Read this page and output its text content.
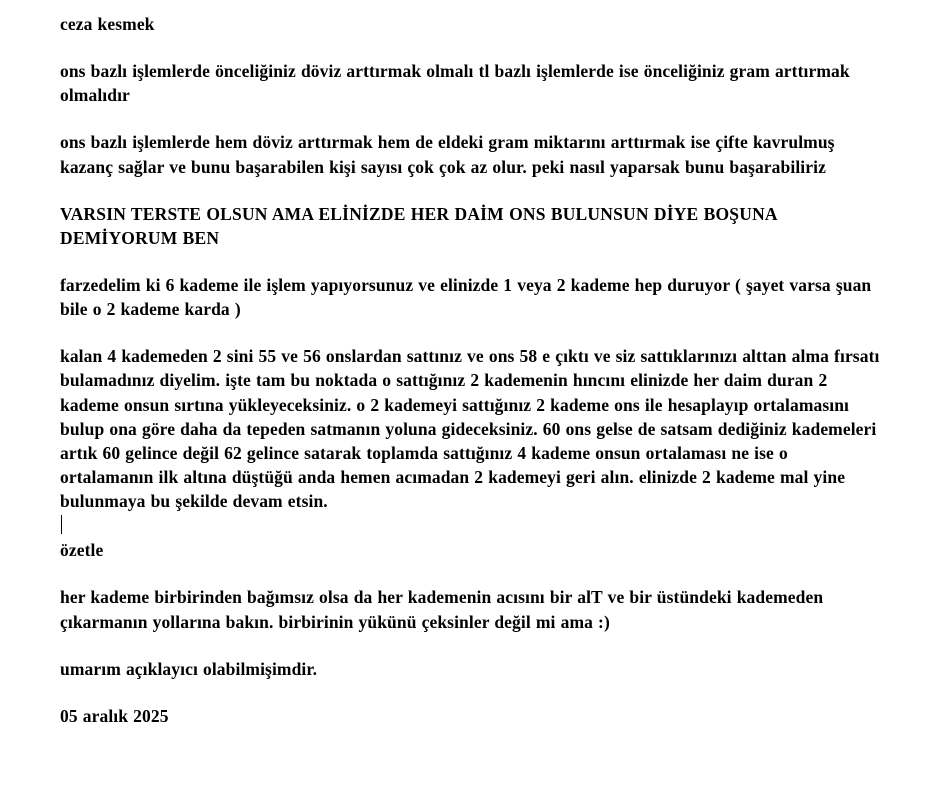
ceza kesmek

ons bazlı işlemlerde önceliğiniz döviz arttırmak olmalı tl bazlı işlemlerde ise önceliğiniz gram arttırmak olmalıdır

ons bazlı işlemlerde hem döviz arttırmak hem de eldeki gram miktarını arttırmak ise çifte kavrulmuş kazanç sağlar ve bunu başarabilen kişi sayısı çok çok az olur. peki nasıl yaparsak bunu başarabiliriz

VARSIN TERSTE OLSUN AMA ELİNİZDE HER DAİM ONS BULUNSUN DİYE BOŞUNA DEMİYORUM BEN

farzedelim ki 6 kademe ile işlem yapıyorsunuz ve elinizde 1 veya 2 kademe hep duruyor ( şayet varsa şuan bile o 2 kademe karda )

kalan 4 kademeden 2 sini 55 ve 56 onslardan sattınız ve ons 58 e çıktı ve siz sattıklarınızı alttan alma fırsatı bulamadınız diyelim. işte tam bu noktada o sattığınız 2 kademenin hıncını elinizde her daim duran 2 kademe onsun sırtına yükleyeceksiniz. o 2 kademeyi sattığınız 2 kademe ons ile hesaplayıp ortalamasını bulup ona göre daha da tepeden satmanın yoluna gideceksiniz. 60 ons gelse de satsam dediğiniz kademeleri artık 60 gelince değil 62 gelince satarak toplamda sattığınız 4 kademe onsun ortalaması ne ise o ortalamanın ilk altına düştüğü anda hemen acımadan 2 kademeyi geri alın. elinizde 2 kademe mal yine bulunmaya bu şekilde devam etsin.

özetle

her kademe birbirinden bağımsız olsa da her kademenin acısını bir alT ve bir üstündeki kademeden çıkarmanın yollarına bakın. birbirinin yükünü çeksinler değil mi ama :)

umarım açıklayıcı olabilmişimdir.

05 aralık 2025
